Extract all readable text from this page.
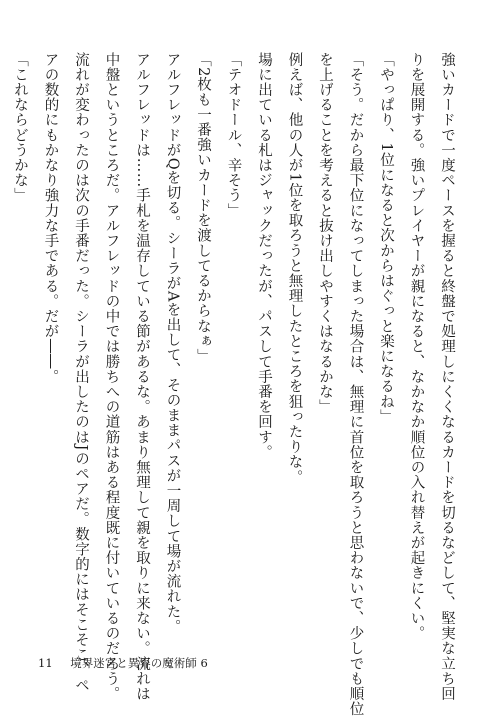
強いカードで一度ペースを握ると終盤で処理しにくくなるカードを切るなどして、堅実な立ち回
りを展開する。強いプレイヤーが親になると、なかなか順位の入れ替えが起きにくい。
「やっぱり、1位になると次からはぐっと楽になるね」
「そう。だから最下位になってしまった場合は、無理に首位を取ろうと思わないで、少しでも順位
を上げることを考えると抜け出しやすくはなるかな」
例えば、他の人が1位を取ろうと無理したところを狙ったりな。
場に出ている札はジャックだったが、パスして手番を回す。
「テオドール、辛そう」
「2枚も一番強いカードを渡してるからなぁ」
アルフレッドがQを切る。シーラがAを出して、そのままパスが一周して場が流れた。
アルフレッドは……手札を温存している節があるな。あまり無理して親を取りに来ない。流れは
中盤というところだ。アルフレッドの中では勝ちへの道筋はある程度既に付いているのだろう。
流れが変わったのは次の手番だった。シーラが出したのはJのペアだ。数字的にはそこそこ、ペ
アの数的にもかなり強力な手である。だが――。
「これならどうかな」
11 境界迷宮と異界の魔術師 6
